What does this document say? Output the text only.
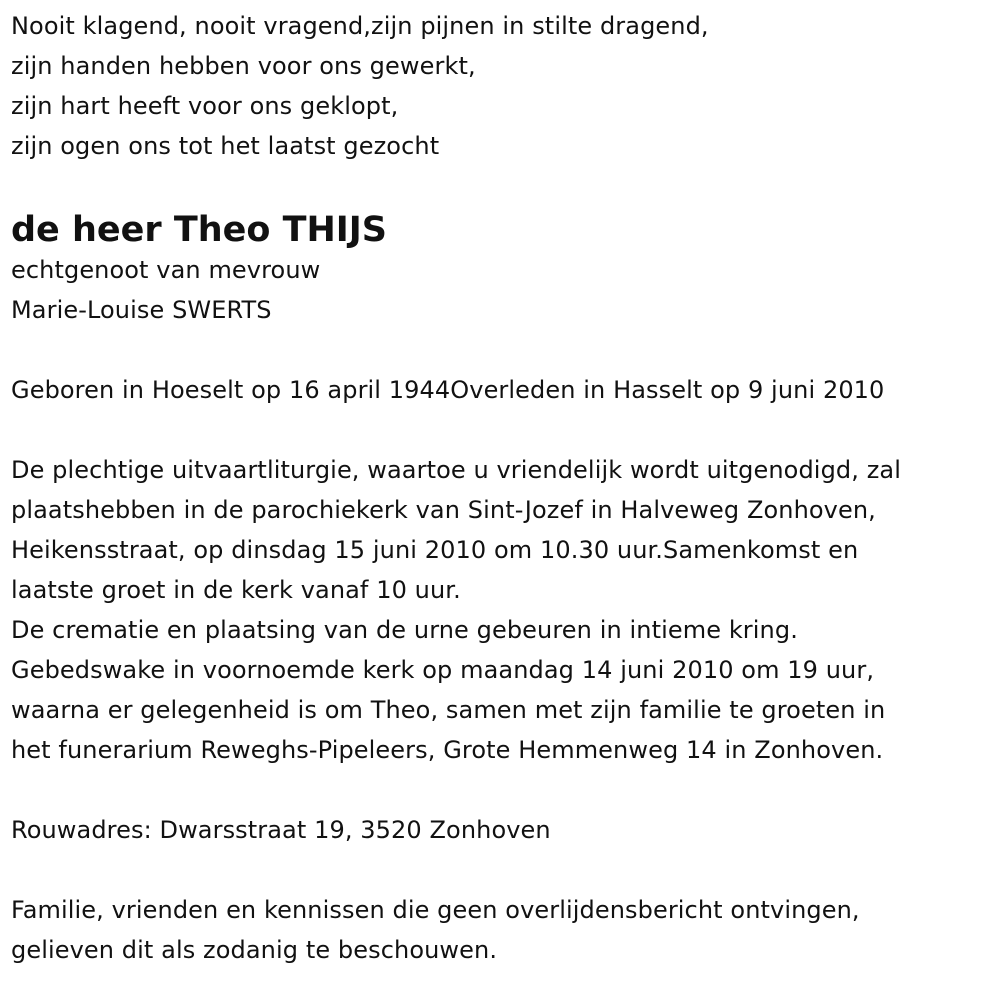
Nooit klagend, nooit vragend,zijn pijnen in stilte dragend,
zijn handen hebben voor ons gewerkt,
zijn hart heeft voor ons geklopt,
zijn ogen ons tot het laatst gezocht
de heer Theo THIJS
echtgenoot van mevrouw
Marie-Louise SWERTS
Geboren in Hoeselt op 16 april 1944Overleden in Hasselt op 9 juni 2010
De plechtige uitvaartliturgie, waartoe u vriendelijk wordt uitgenodigd, zal
plaatshebben in de parochiekerk van Sint-Jozef in Halveweg Zonhoven,
Heikensstraat, op dinsdag 15 juni 2010 om 10.30 uur.Samenkomst en
laatste groet in de kerk vanaf 10 uur.
De crematie en plaatsing van de urne gebeuren in intieme kring.
Gebedswake in voornoemde kerk op maandag 14 juni 2010 om 19 uur,
waarna er gelegenheid is om Theo, samen met zijn familie te groeten in
het funerarium Reweghs-Pipeleers, Grote Hemmenweg 14 in Zonhoven.
Rouwadres: Dwarsstraat 19, 3520 Zonhoven
Familie, vrienden en kennissen die geen overlijdensbericht ontvingen,
gelieven dit als zodanig te beschouwen.
